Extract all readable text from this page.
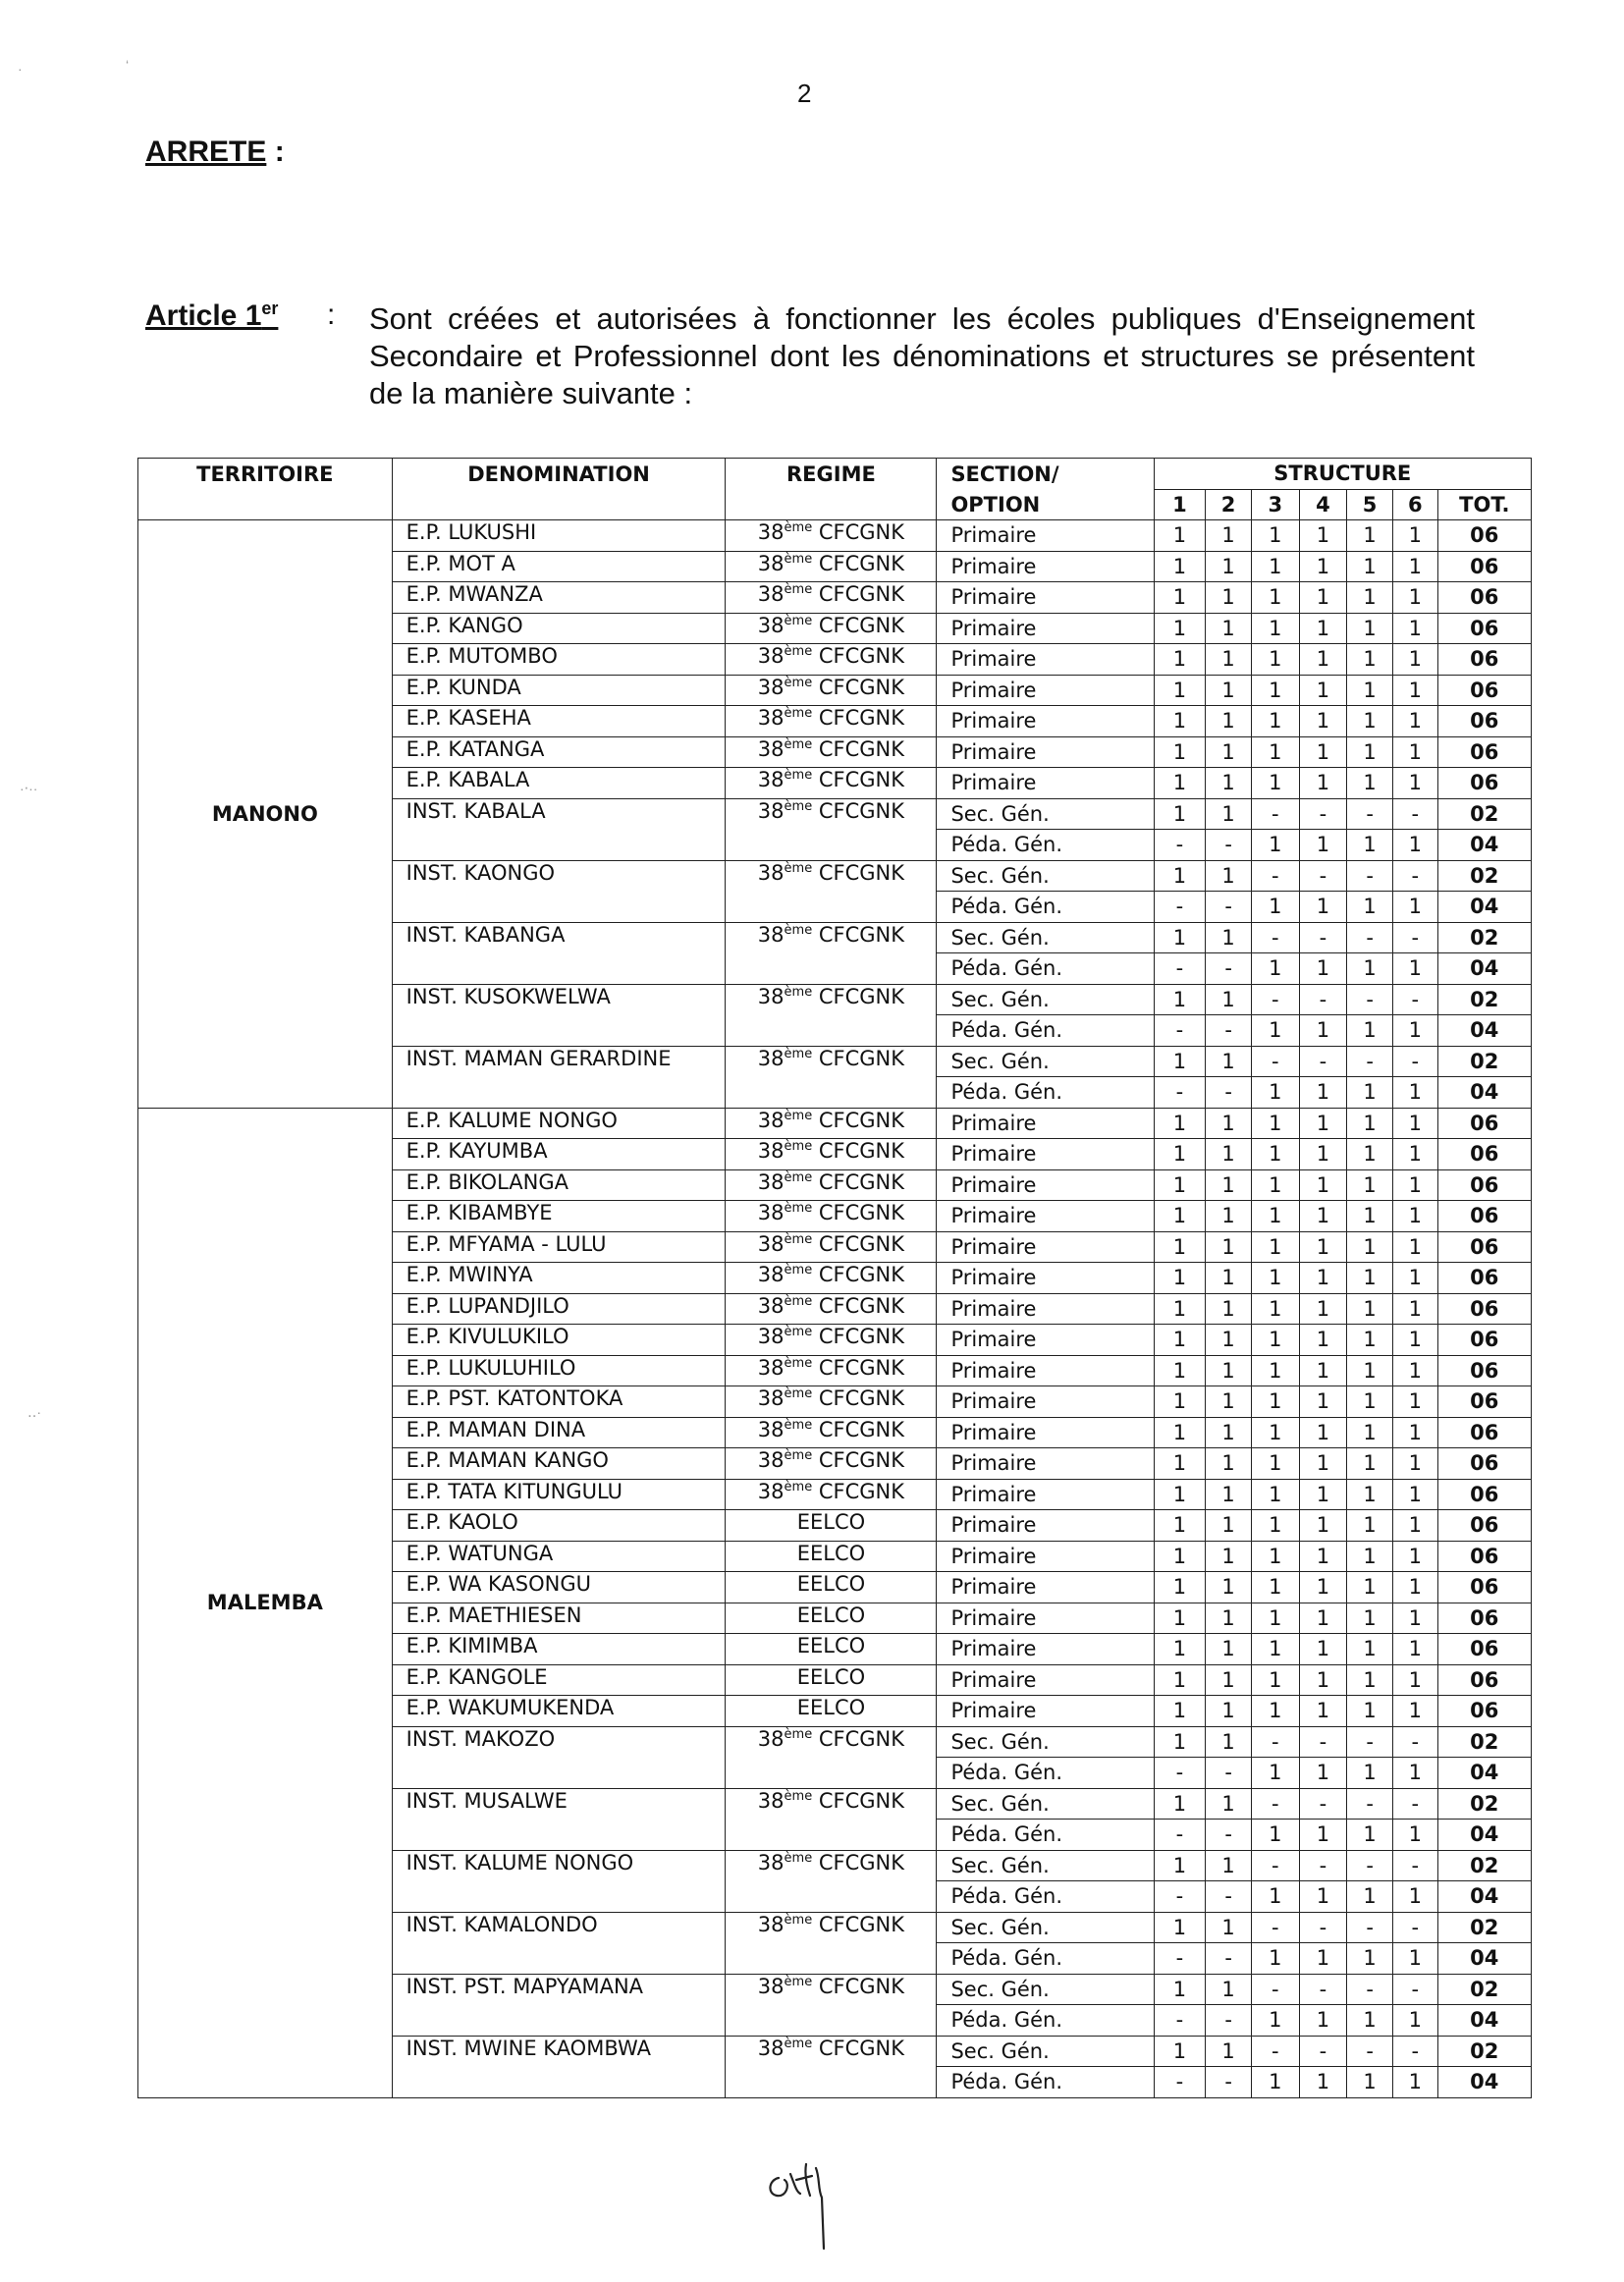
2
ARRETE :
Article 1er : Sont créées et autorisées à fonctionner les écoles publiques d'Enseignement Secondaire et Professionnel dont les dénominations et structures se présentent de la manière suivante :
TERRITOIRE	DENOMINATION	REGIME	SECTION/	STRUCTURE						
			OPTION	1	2	3	4	5	6	TOT.
MANONO	E.P. LUKUSHI	38ème CFCGNK	Primaire	1	1	1	1	1	1	06
	E.P. MOT A	38ème CFCGNK	Primaire	1	1	1	1	1	1	06
	E.P. MWANZA	38ème CFCGNK	Primaire	1	1	1	1	1	1	06
	E.P. KANGO	38ème CFCGNK	Primaire	1	1	1	1	1	1	06
	E.P. MUTOMBO	38ème CFCGNK	Primaire	1	1	1	1	1	1	06
	E.P. KUNDA	38ème CFCGNK	Primaire	1	1	1	1	1	1	06
	E.P. KASEHA	38ème CFCGNK	Primaire	1	1	1	1	1	1	06
	E.P. KATANGA	38ème CFCGNK	Primaire	1	1	1	1	1	1	06
	E.P. KABALA	38ème CFCGNK	Primaire	1	1	1	1	1	1	06
	INST. KABALA	38ème CFCGNK	Sec. Gén.	1	1	-	-	-	-	02
			Péda. Gén.	-	-	1	1	1	1	04
	INST. KAONGO	38ème CFCGNK	Sec. Gén.	1	1	-	-	-	-	02
			Péda. Gén.	-	-	1	1	1	1	04
	INST. KABANGA	38ème CFCGNK	Sec. Gén.	1	1	-	-	-	-	02
			Péda. Gén.	-	-	1	1	1	1	04
	INST. KUSOKWELWA	38ème CFCGNK	Sec. Gén.	1	1	-	-	-	-	02
			Péda. Gén.	-	-	1	1	1	1	04
	INST. MAMAN GERARDINE	38ème CFCGNK	Sec. Gén.	1	1	-	-	-	-	02
			Péda. Gén.	-	-	1	1	1	1	04
MALEMBA	E.P. KALUME NONGO	38ème CFCGNK	Primaire	1	1	1	1	1	1	06
	E.P. KAYUMBA	38ème CFCGNK	Primaire	1	1	1	1	1	1	06
	E.P. BIKOLANGA	38ème CFCGNK	Primaire	1	1	1	1	1	1	06
	E.P. KIBAMBYE	38ème CFCGNK	Primaire	1	1	1	1	1	1	06
	E.P. MFYAMA - LULU	38ème CFCGNK	Primaire	1	1	1	1	1	1	06
	E.P. MWINYA	38ème CFCGNK	Primaire	1	1	1	1	1	1	06
	E.P. LUPANDJILO	38ème CFCGNK	Primaire	1	1	1	1	1	1	06
	E.P. KIVULUKILO	38ème CFCGNK	Primaire	1	1	1	1	1	1	06
	E.P. LUKULUHILO	38ème CFCGNK	Primaire	1	1	1	1	1	1	06
	E.P. PST. KATONTOKA	38ème CFCGNK	Primaire	1	1	1	1	1	1	06
	E.P. MAMAN DINA	38ème CFCGNK	Primaire	1	1	1	1	1	1	06
	E.P. MAMAN KANGO	38ème CFCGNK	Primaire	1	1	1	1	1	1	06
	E.P. TATA KITUNGULU	38ème CFCGNK	Primaire	1	1	1	1	1	1	06
	E.P. KAOLO	EELCO	Primaire	1	1	1	1	1	1	06
	E.P. WATUNGA	EELCO	Primaire	1	1	1	1	1	1	06
	E.P. WA KASONGU	EELCO	Primaire	1	1	1	1	1	1	06
	E.P. MAETHIESEN	EELCO	Primaire	1	1	1	1	1	1	06
	E.P. KIMIMBA	EELCO	Primaire	1	1	1	1	1	1	06
	E.P. KANGOLE	EELCO	Primaire	1	1	1	1	1	1	06
	E.P. WAKUMUKENDA	EELCO	Primaire	1	1	1	1	1	1	06
	INST. MAKOZO	38ème CFCGNK	Sec. Gén.	1	1	-	-	-	-	02
			Péda. Gén.	-	-	1	1	1	1	04
	INST. MUSALWE	38ème CFCGNK	Sec. Gén.	1	1	-	-	-	-	02
			Péda. Gén.	-	-	1	1	1	1	04
	INST. KALUME NONGO	38ème CFCGNK	Sec. Gén.	1	1	-	-	-	-	02
			Péda. Gén.	-	-	1	1	1	1	04
	INST. KAMALONDO	38ème CFCGNK	Sec. Gén.	1	1	-	-	-	-	02
			Péda. Gén.	-	-	1	1	1	1	04
	INST. PST. MAPYAMANA	38ème CFCGNK	Sec. Gén.	1	1	-	-	-	-	02
			Péda. Gén.	-	-	1	1	1	1	04
	INST. MWINE KAOMBWA	38ème CFCGNK	Sec. Gén.	1	1	-	-	-	-	02
			Péda. Gén.	-	-	1	1	1	1	04
·	‘
·‧··
‥·
